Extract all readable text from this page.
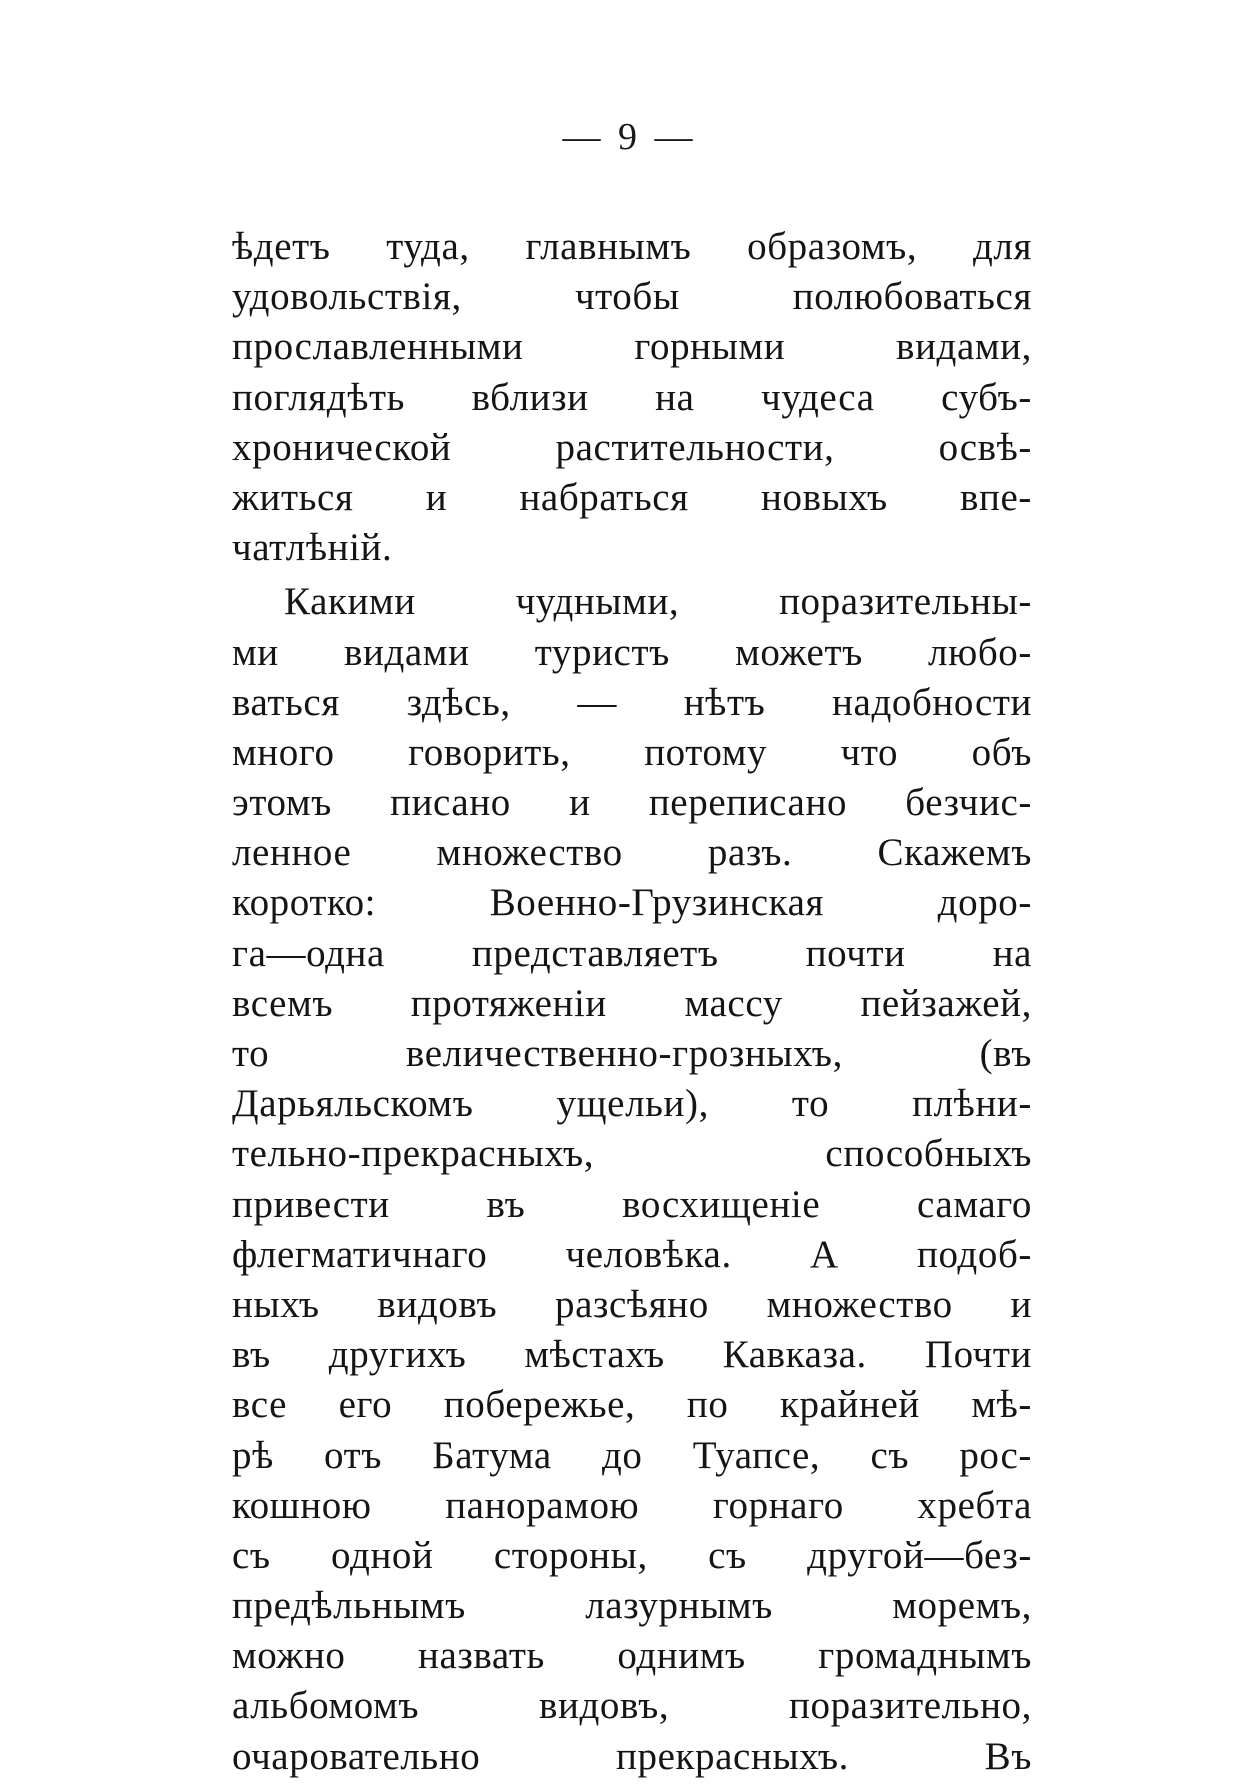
— 9 —
ѣдетъ туда, главнымъ образомъ, для
удовольствія, чтобы полюбоваться
прославленными горными видами,
поглядѣть вблизи на чудеса субъ-
хронической растительности, освѣ-
житься и набраться новыхъ впе-
чатлѣній.
Какими чудными, поразительны-
ми видами туристъ можетъ любо-
ваться здѣсь, — нѣтъ надобности
много говорить, потому что объ
этомъ писано и переписано безчис-
ленное множество разъ. Скажемъ
коротко: Военно-Грузинская доро-
га—одна представляетъ почти на
всемъ протяженіи массу пейзажей,
то величественно-грозныхъ, (въ
Дарьяльскомъ ущельи), то плѣни-
тельно-прекрасныхъ, способныхъ
привести въ восхищеніе самаго
флегматичнаго человѣка. А подоб-
ныхъ видовъ разсѣяно множество и
въ другихъ мѣстахъ Кавказа. Почти
все его побережье, по крайней мѣ-
рѣ отъ Батума до Туапсе, съ рос-
кошною панорамою горнаго хребта
съ одной стороны, съ другой—без-
предѣльнымъ лазурнымъ моремъ,
можно назвать однимъ громаднымъ
альбомомъ видовъ, поразительно,
очаровательно прекрасныхъ. Въ
